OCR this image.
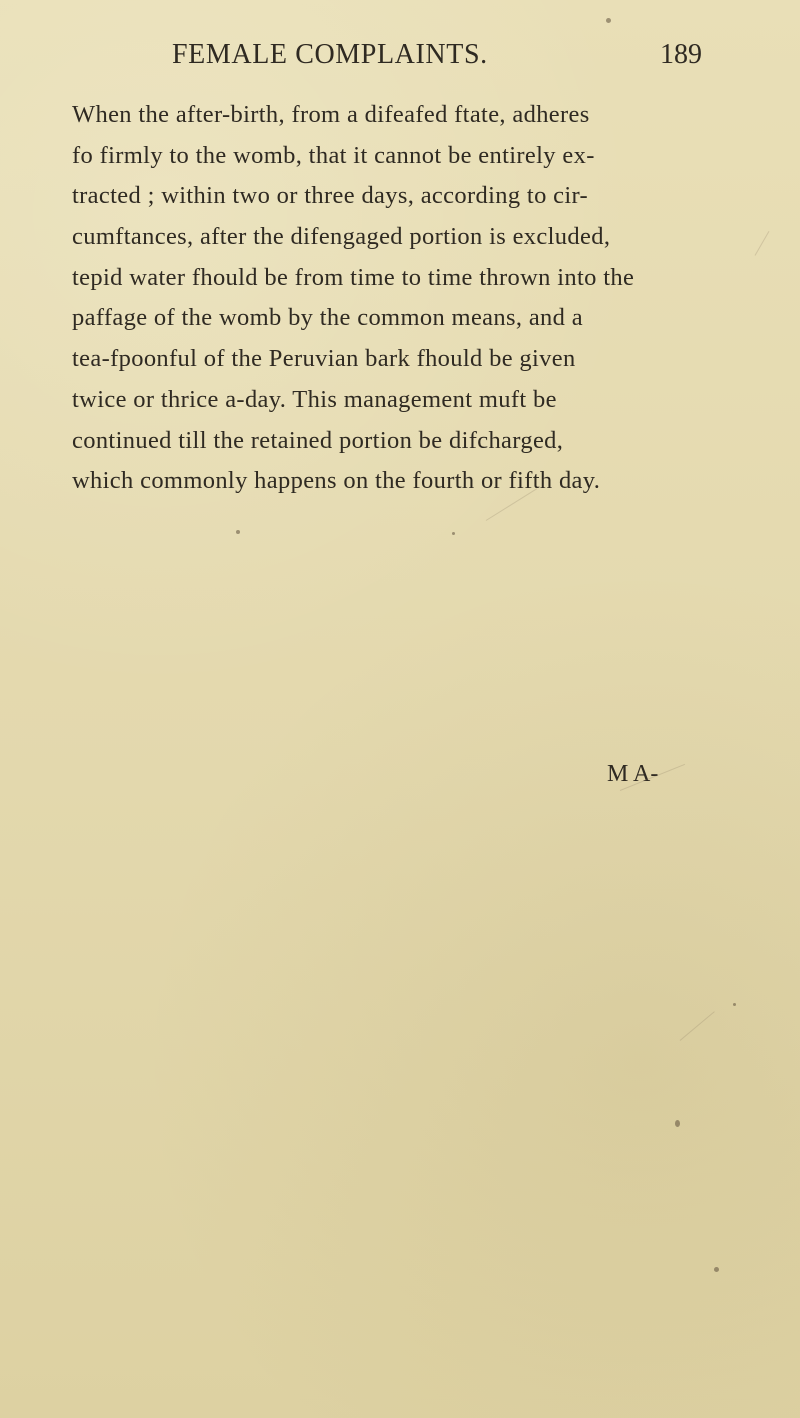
FEMALE COMPLAINTS.	189
When the after-birth, from a difeafed ftate, adheres
fo firmly to the womb, that it cannot be entirely ex-
tracted ; within two or three days, according to cir-
cumftances, after the difengaged portion is excluded,
tepid water fhould be from time to time thrown into the
paffage of the womb by the common means, and a
tea-fpoonful of the Peruvian bark fhould be given
twice or thrice a-day. This management muft be
continued till the retained portion be difcharged,
which commonly happens on the fourth or fifth day.
M A-
